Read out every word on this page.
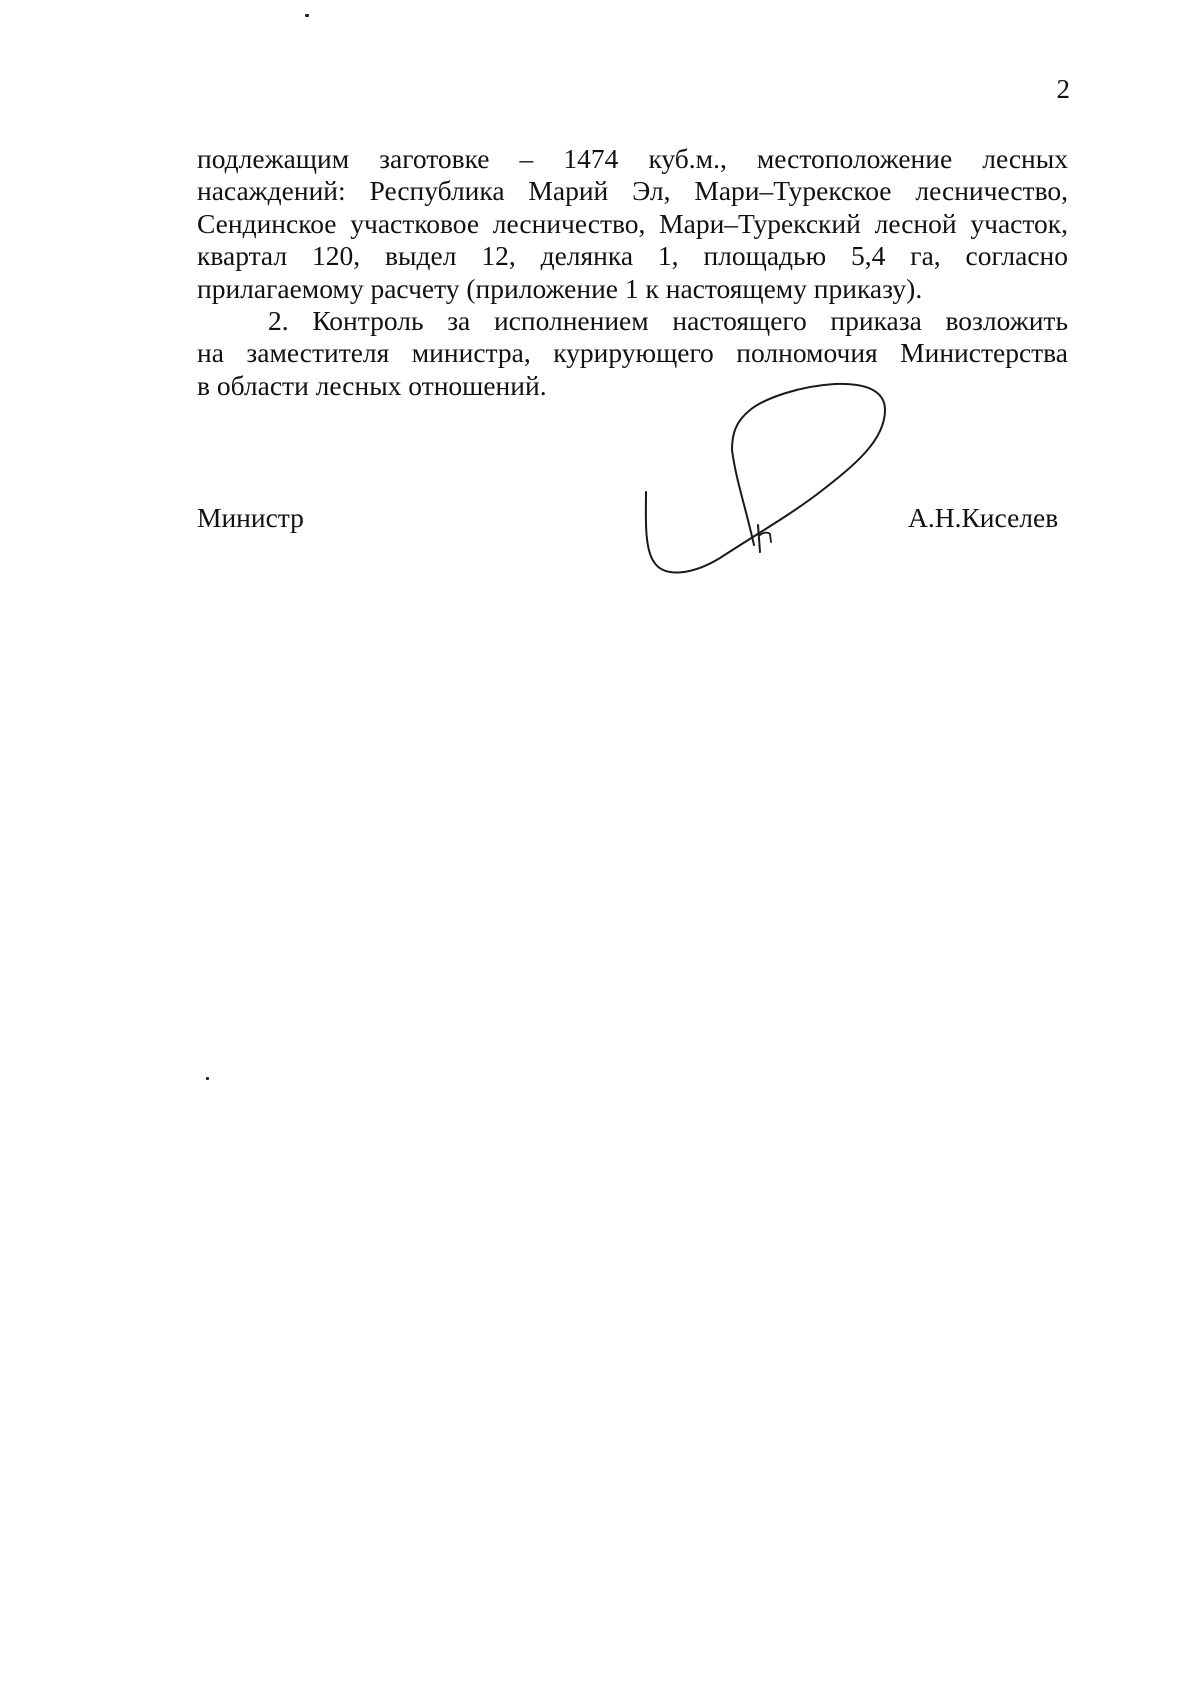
2
подлежащим заготовке – 1474 куб.м., местоположение лесных
насаждений: Республика Марий Эл, Мари–Турекское лесничество,
Сендинское участковое лесничество, Мари–Турекский лесной участок,
квартал 120, выдел 12, делянка 1, площадью 5,4 га, согласно
прилагаемому расчету (приложение 1 к настоящему приказу).
2. Контроль за исполнением настоящего приказа возложить
на заместителя министра, курирующего полномочия Министерства
в области лесных отношений.
Министр	А.Н.Киселев
